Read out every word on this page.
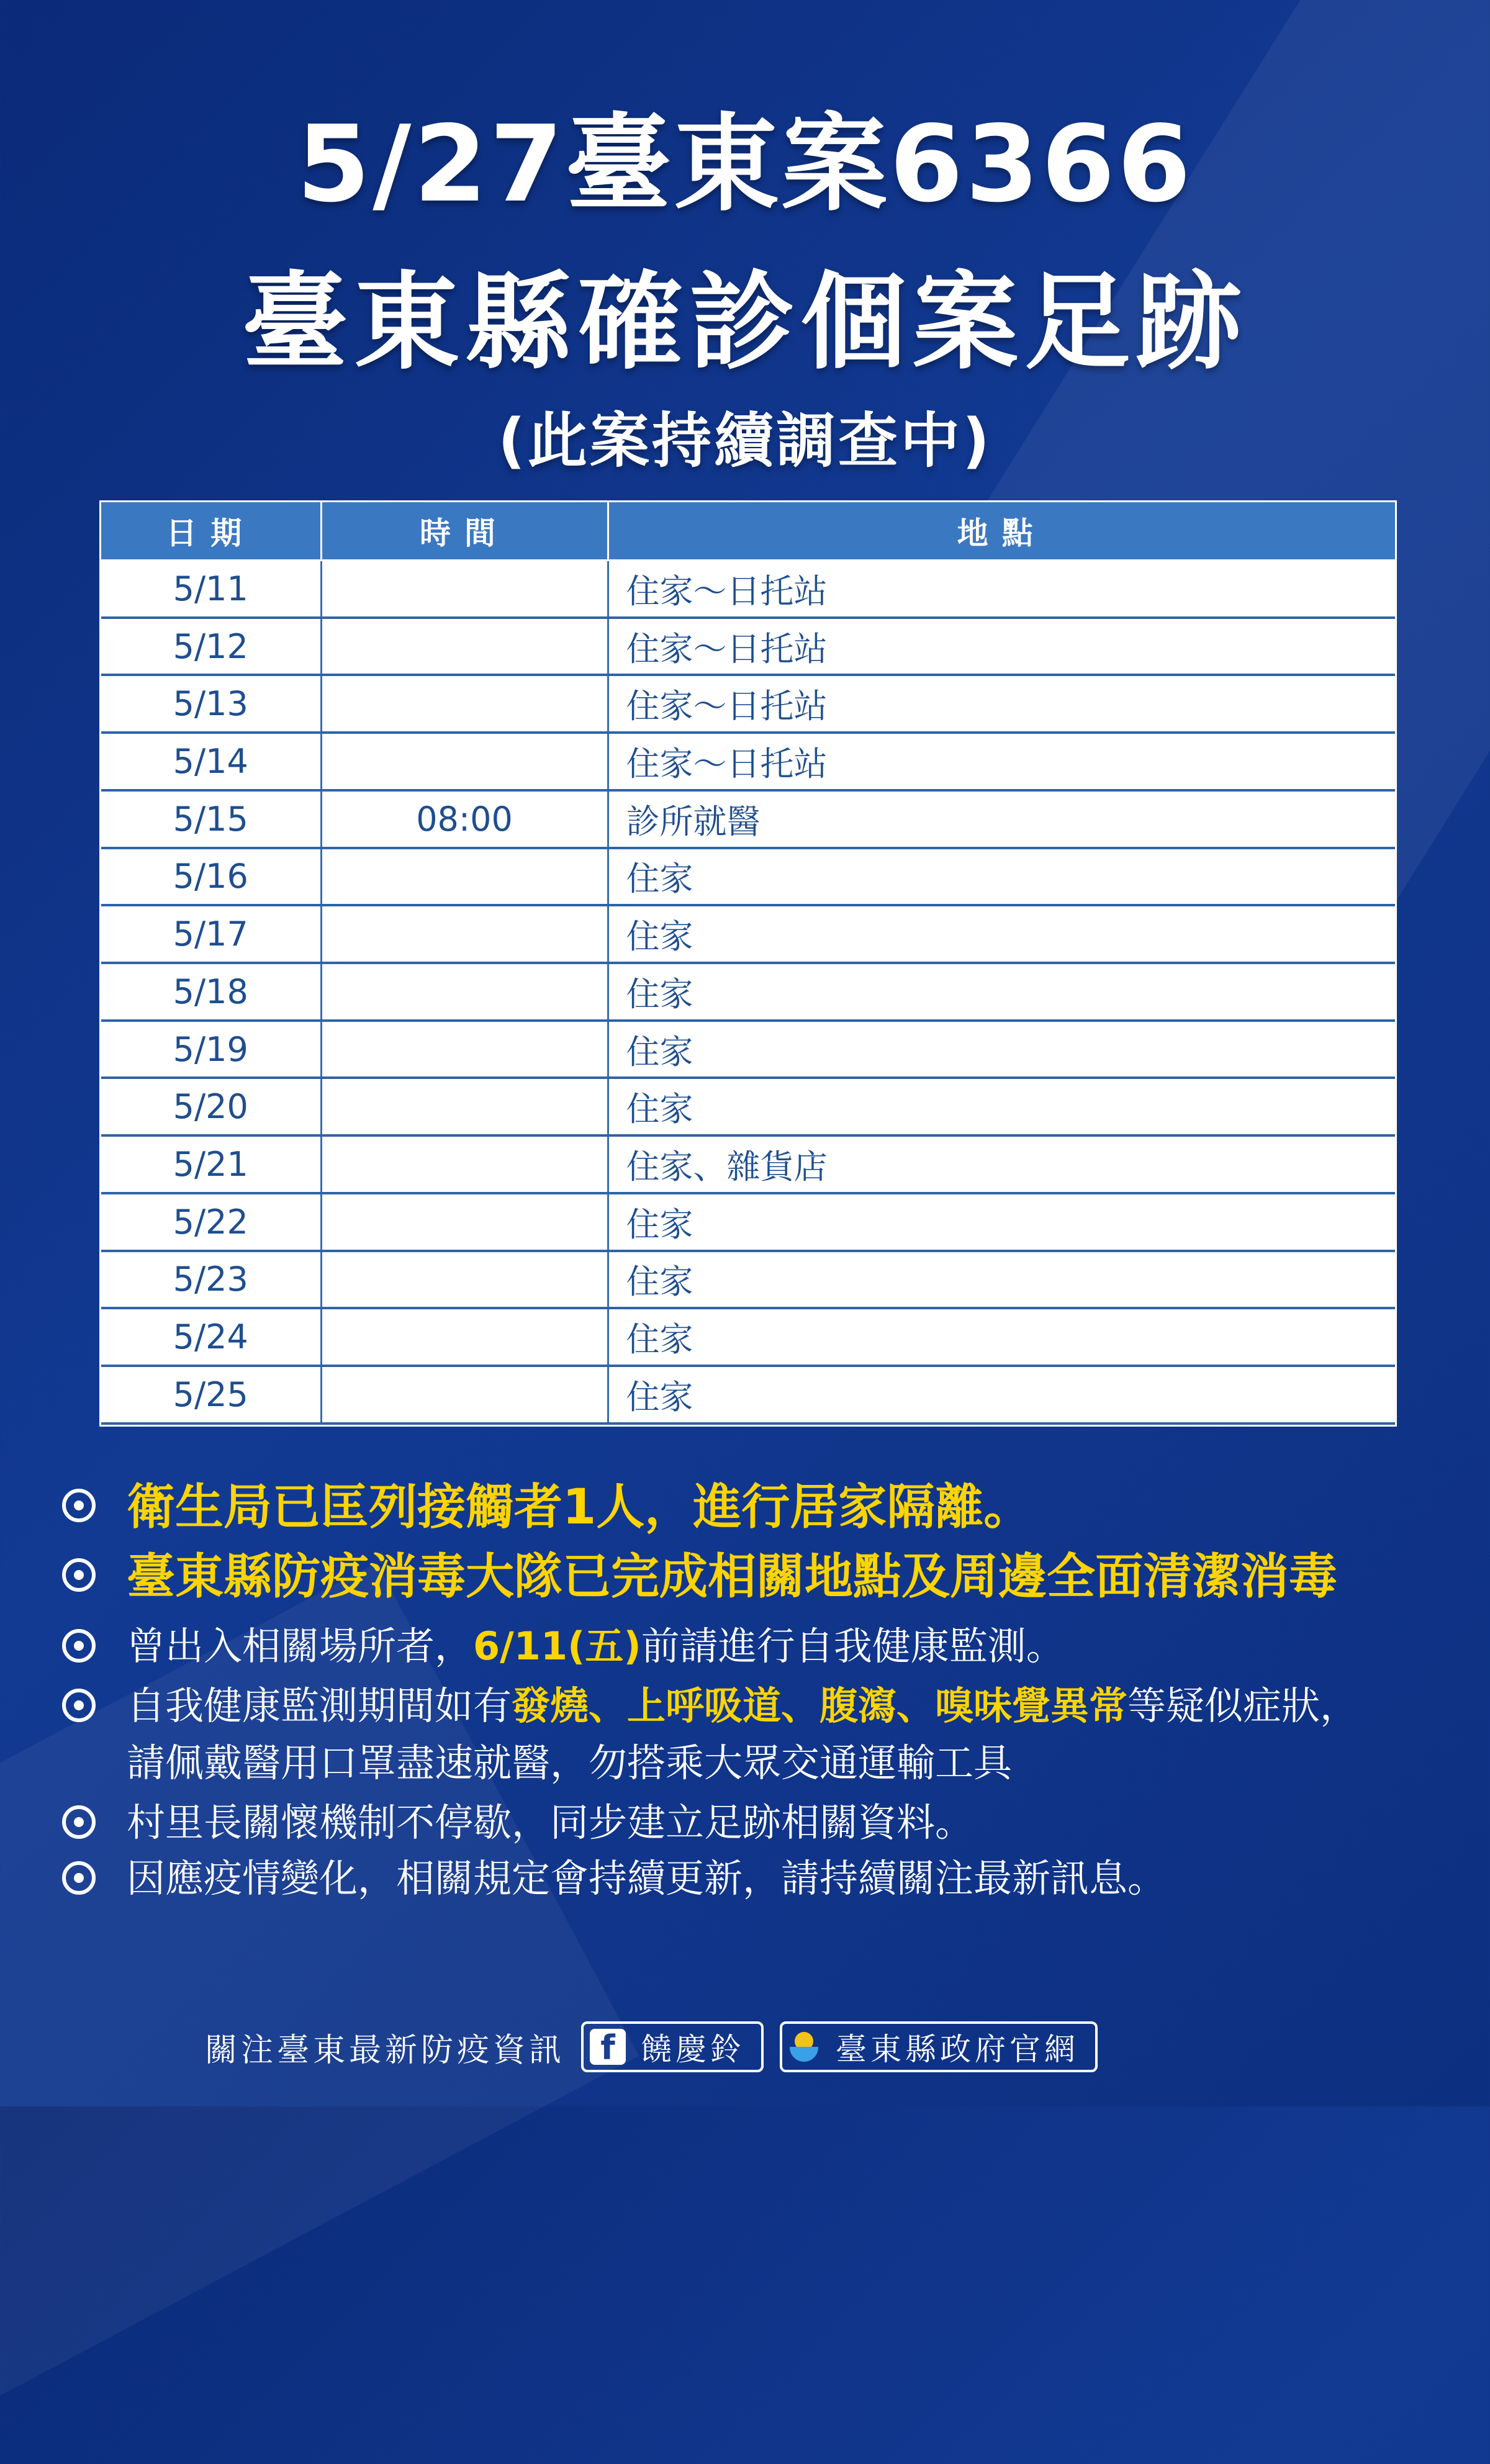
5/27臺東案6366
臺東縣確診個案足跡
(此案持續調查中)
日期	時間	地點
5/11		住家～日托站
5/12		住家～日托站
5/13		住家～日托站
5/14		住家～日托站
5/15	08:00	診所就醫
5/16		住家
5/17		住家
5/18		住家
5/19		住家
5/20		住家
5/21		住家、雜貨店
5/22		住家
5/23		住家
5/24		住家
5/25		住家
衛生局已匡列接觸者1人，進行居家隔離。
臺東縣防疫消毒大隊已完成相關地點及周邊全面清潔消毒
曾出入相關場所者，6/11(五)前請進行自我健康監測。
自我健康監測期間如有發燒、上呼吸道、腹瀉、嗅味覺異常等疑似症狀，
請佩戴醫用口罩盡速就醫，勿搭乘大眾交通運輸工具
村里長關懷機制不停歇，同步建立足跡相關資料。
因應疫情變化，相關規定會持續更新，請持續關注最新訊息。
關注臺東最新防疫資訊	f 饒慶鈴	臺東縣政府官網
